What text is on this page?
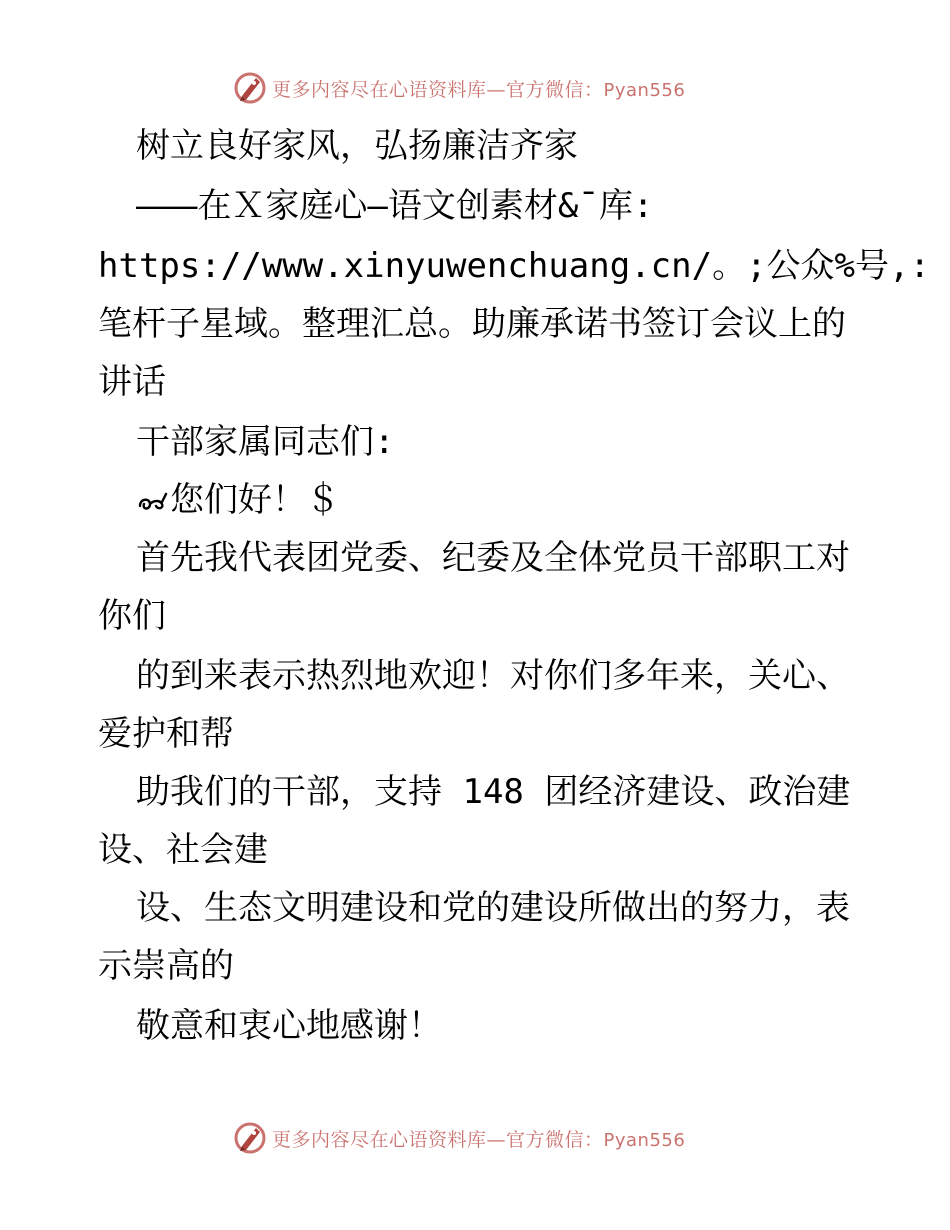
更多内容尽在心语资料库—官方微信：Pyan556
树立良好家风，弘扬廉洁齐家
———在Ｘ家庭心—语文创素材&¯库:
https://www.xinyuwenchuang.cn/。;公众%号,:
笔杆子星域。整理汇总。助廉承诺书签订会议上的
讲话
干部家属同志们:
您们好！＄
首先我代表团党委、纪委及全体党员干部职工对
你们
的到来表示热烈地欢迎！对你们多年来，关心、
爱护和帮
助我们的干部，支持 148 团经济建设、政治建
设、社会建
设、生态文明建设和党的建设所做出的努力，表
示崇高的
敬意和衷心地感谢！
更多内容尽在心语资料库—官方微信：Pyan556
